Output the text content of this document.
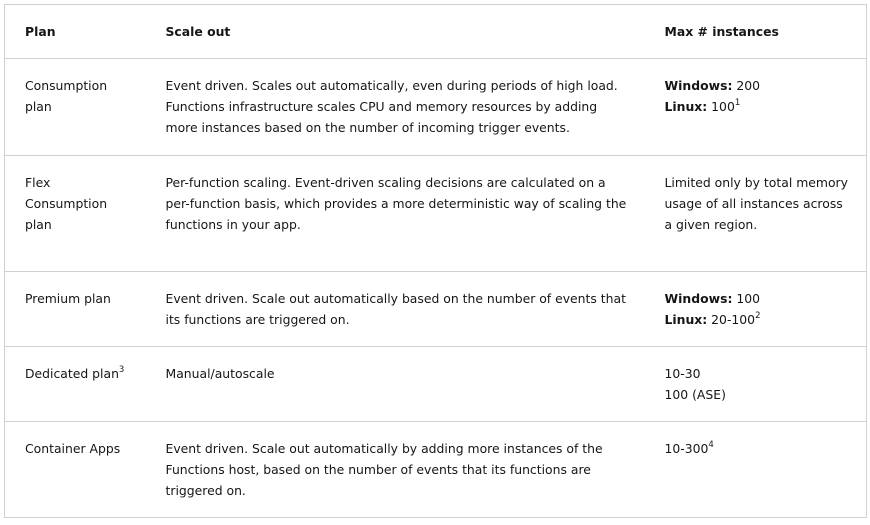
Plan	Scale out	Max # instances
Consumption plan	Event driven. Scales out automatically, even during periods of high load. Functions infrastructure scales CPU and memory resources by adding more instances based on the number of incoming trigger events.	Windows: 200
Linux: $100^1$

Flex Consumption plan	Per-function scaling. Event-driven scaling decisions are calculated on a per-function basis, which provides a more deterministic way of scaling the functions in your app.	Limited only by total memory usage of all instances across a given region.
Premium plan	Event driven. Scale out automatically based on the number of events that its functions are triggered on.	Windows: 100
Linux: $20-100^2$

Dedicated plan$^3$	Manual/autoscale	10-30
100 (ASE)

Container Apps	Event driven. Scale out automatically by adding more instances of the Functions host, based on the number of events that its functions are triggered on.	$10-300^4$
